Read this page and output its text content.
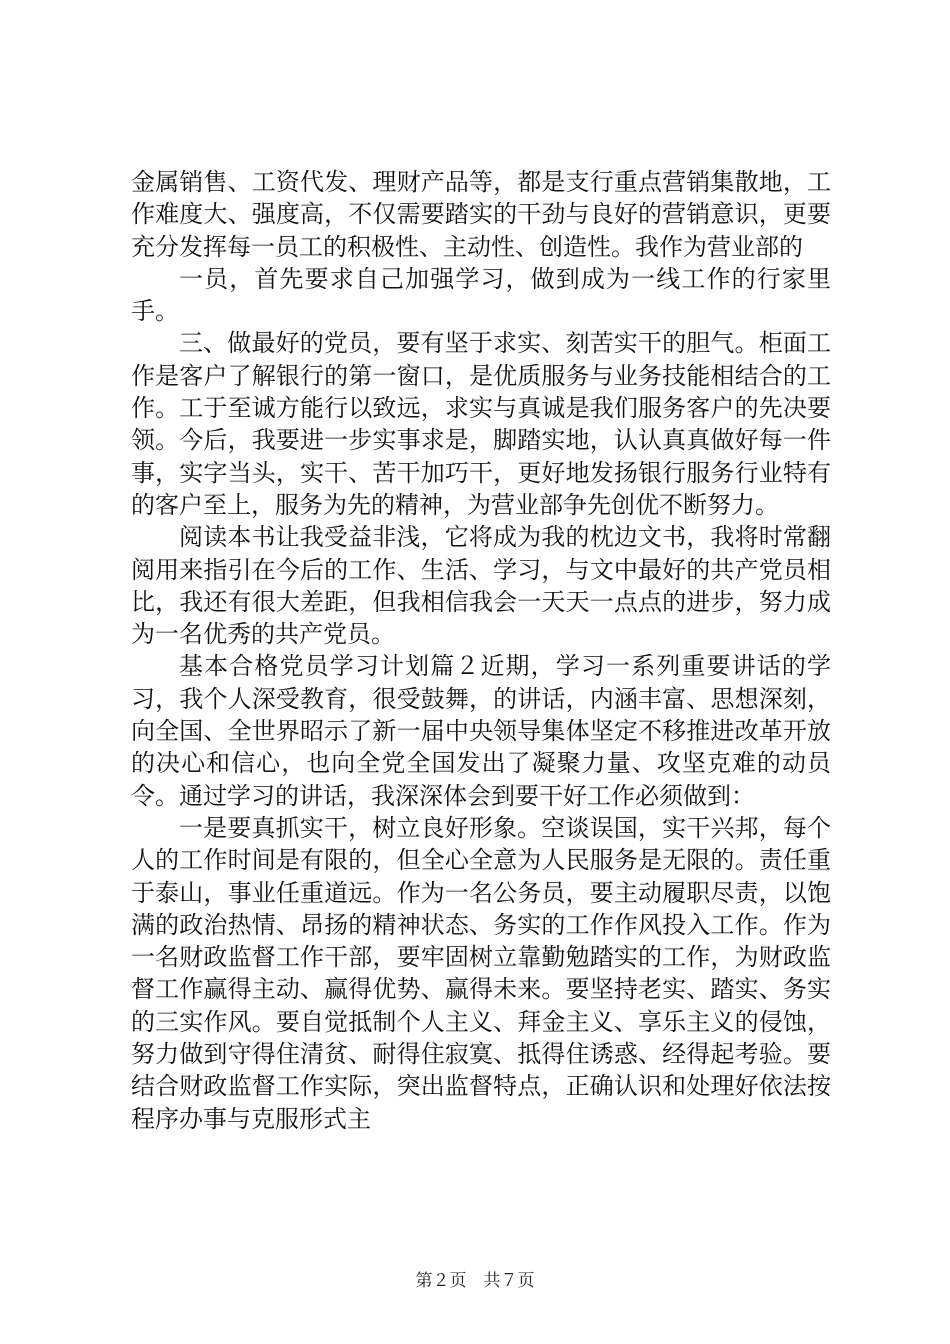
金属销售、工资代发、理财产品等，都是支行重点营销集散地，工作难度大、强度高，不仅需要踏实的干劲与良好的营销意识，更要充分发挥每一员工的积极性、主动性、创造性。我作为营业部的

一员，首先要求自己加强学习，做到成为一线工作的行家里手。

三、做最好的党员，要有坚于求实、刻苦实干的胆气。柜面工作是客户了解银行的第一窗口，是优质服务与业务技能相结合的工作。工于至诚方能行以致远，求实与真诚是我们服务客户的先决要领。今后，我要进一步实事求是，脚踏实地，认认真真做好每一件事，实字当头，实干、苦干加巧干，更好地发扬银行服务行业特有的客户至上，服务为先的精神，为营业部争先创优不断努力。

阅读本书让我受益非浅，它将成为我的枕边文书，我将时常翻阅用来指引在今后的工作、生活、学习，与文中最好的共产党员相比，我还有很大差距，但我相信我会一天天一点点的进步，努力成为一名优秀的共产党员。

基本合格党员学习计划篇２近期，学习一系列重要讲话的学习，我个人深受教育，很受鼓舞，的讲话，内涵丰富、思想深刻，向全国、全世界昭示了新一届中央领导集体坚定不移推进改革开放的决心和信心，也向全党全国发出了凝聚力量、攻坚克难的动员令。通过学习的讲话，我深深体会到要干好工作必须做到：

一是要真抓实干，树立良好形象。空谈误国，实干兴邦，每个人的工作时间是有限的，但全心全意为人民服务是无限的。责任重于泰山，事业任重道远。作为一名公务员，要主动履职尽责，以饱满的政治热情、昂扬的精神状态、务实的工作作风投入工作。作为一名财政监督工作干部，要牢固树立靠勤勉踏实的工作，为财政监督工作赢得主动、赢得优势、赢得未来。要坚持老实、踏实、务实的三实作风。要自觉抵制个人主义、拜金主义、享乐主义的侵蚀，努力做到守得住清贫、耐得住寂寞、抵得住诱惑、经得起考验。要结合财政监督工作实际，突出监督特点，正确认识和处理好依法按程序办事与克服形式主

第２页　共７页
